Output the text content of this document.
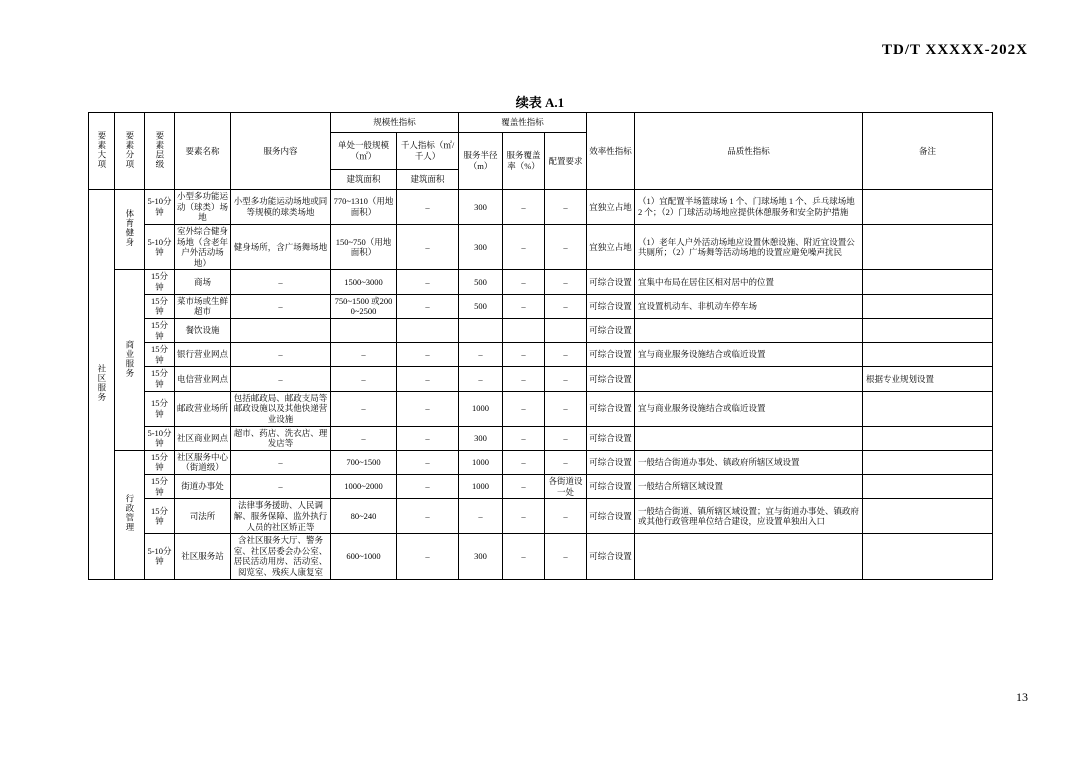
TD/T XXXXX-202X
续表 A.1
要素大项	要素分项	要素层级	要素名称	服务内容	规模性指标		覆盖性指标			效率性指标	品质性指标	备注
					单处一般规模（㎡）	千人指标（㎡/千人）	服务半径（m）	服务覆盖率（%）	配置要求			
					建筑面积	建筑面积						
社区服务	体育健身	5-10分钟	小型多功能运动（球类）场地	小型多功能运动场地或同等规模的球类场地	770~1310（用地面积）	–	300	–	–	宜独立占地	（1）宜配置半场篮球场 1 个、门球场地 1 个、乒乓球场地 2 个；（2）门球活动场地应提供休憩服务和安全防护措施	
		5-10分钟	室外综合健身场地（含老年户外活动场地）	健身场所，含广场舞场地	150~750（用地面积）	–	300	–	–	宜独立占地	（1）老年人户外活动场地应设置休憩设施、附近宜设置公共厕所；（2）广场舞等活动场地的设置应避免噪声扰民	
	商业服务	15分钟	商场	–	1500~3000	–	500	–	–	可综合设置	宜集中布局在居住区相对居中的位置	
		15分钟	菜市场或生鲜超市	–	750~1500 或2000~2500	–	500	–	–	可综合设置	宜设置机动车、非机动车停车场	
		15分钟	餐饮设施							可综合设置		
		15分钟	银行营业网点	–	–	–	–	–	–	可综合设置	宜与商业服务设施结合或临近设置	
		15分钟	电信营业网点	–	–	–	–	–	–	可综合设置		根据专业规划设置
		15分钟	邮政营业场所	包括邮政局、邮政支局等邮政设施以及其他快递营业设施	–	–	1000	–	–	可综合设置	宜与商业服务设施结合或临近设置	
		5-10分钟	社区商业网点	超市、药店、洗衣店、理发店等	–	–	300	–	–	可综合设置		
	行政管理	15分钟	社区服务中心（街道级）	–	700~1500	–	1000	–	–	可综合设置	一般结合街道办事处、镇政府所辖区域设置	
		15分钟	街道办事处	–	1000~2000	–	1000	–	各街道设一处	可综合设置	一般结合所辖区域设置	
		15分钟	司法所	法律事务援助、人民调解、服务保障、监外执行人员的社区矫正等	80~240	–	–	–	–	可综合设置	一般结合街道、镇所辖区域设置；宜与街道办事处、镇政府或其他行政管理单位结合建设，应设置单独出入口	
		5-10分钟	社区服务站	含社区服务大厅、警务室、社区居委会办公室、居民活动用房、活动室、阅览室、残疾人康复室	600~1000	–	300	–	–	可综合设置		
13
